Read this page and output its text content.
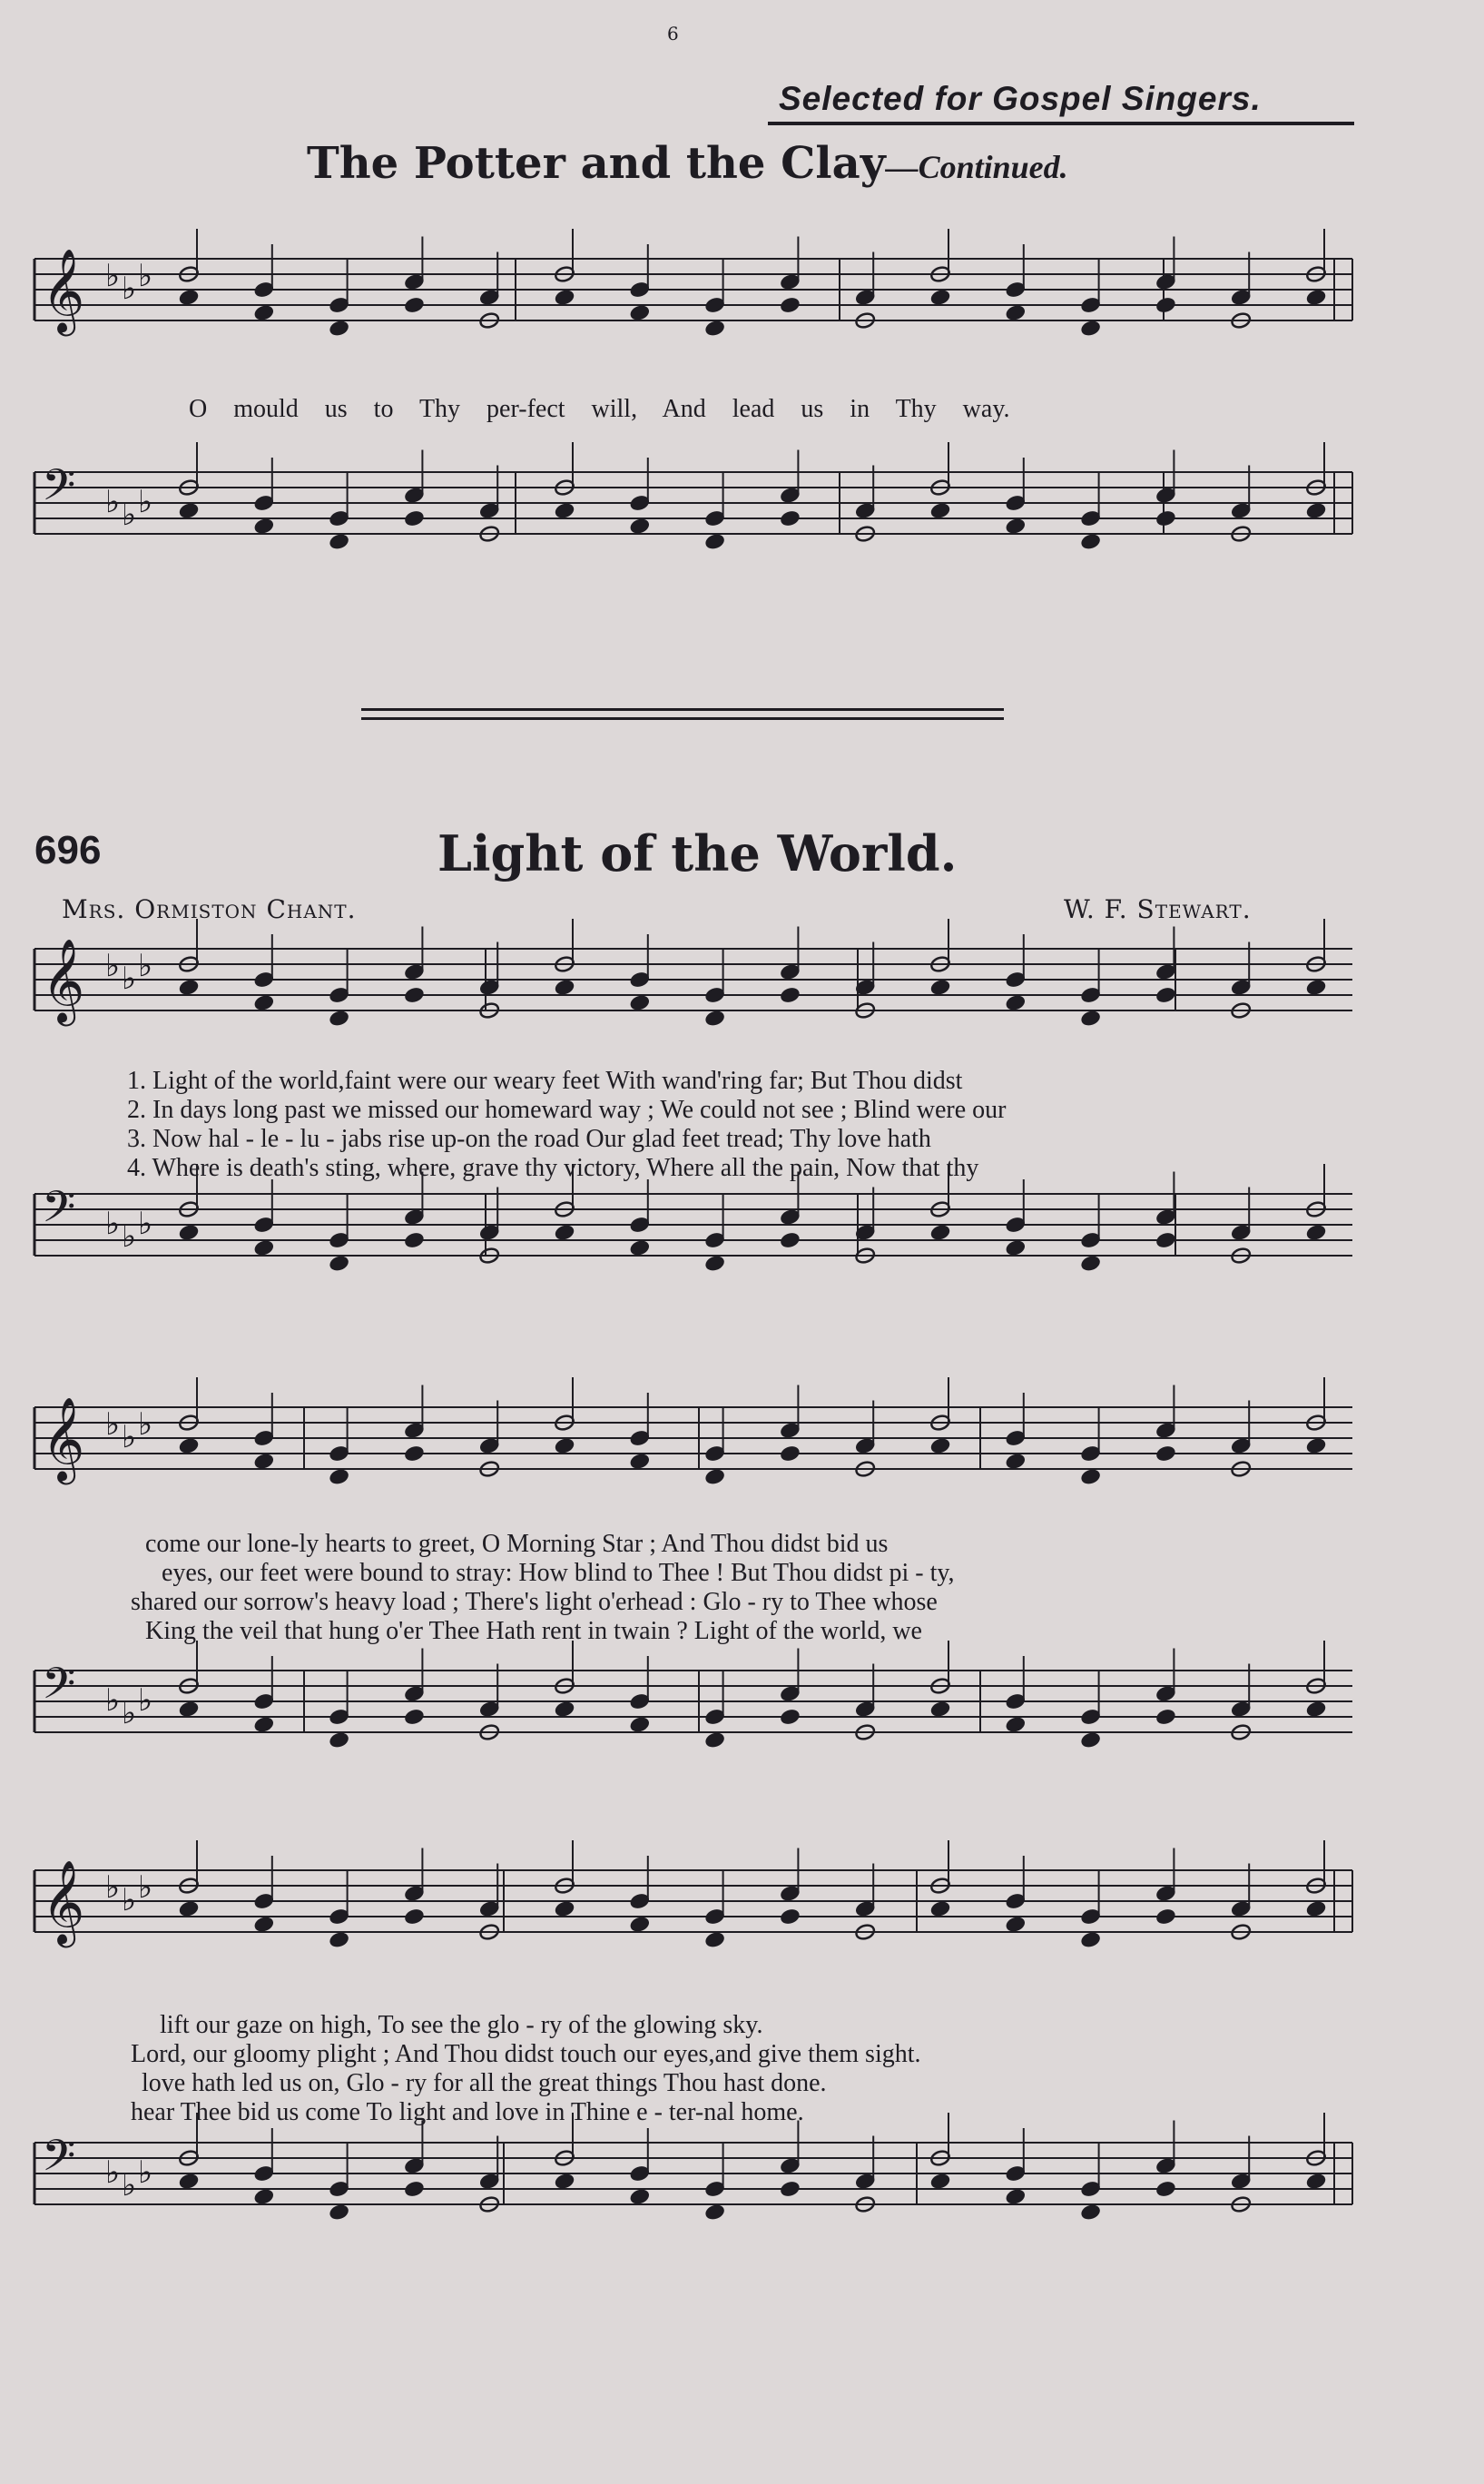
6
Selected for Gospel Singers.
The Potter and the Clay—Continued.
𝄞 ♭ ♭ ♭
𝄢 ♭ ♭ ♭
𝄞 ♭ ♭ ♭
𝄢 ♭ ♭ ♭
𝄞 ♭ ♭ ♭
𝄢 ♭ ♭ ♭
𝄞 ♭ ♭ ♭
𝄢 ♭ ♭ ♭
O mould us to Thy per-fect will, And lead us in Thy way.
696	Light of the World.
Mrs. Ormiston Chant.	W. F. Stewart.
1. Light of the world,faint were our weary feet With wand'ring far; But Thou didst
2. In days long past we missed our homeward way ; We could not see ; Blind were our
3. Now hal - le - lu - jabs rise up-on the road Our glad feet tread; Thy love hath
4. Where is death's sting, where, grave thy victory, Where all the pain, Now that thy
come our lone-ly hearts to greet, O Morning Star ; And Thou didst bid us
eyes, our feet were bound to stray: How blind to Thee ! But Thou didst pi - ty,
shared our sorrow's heavy load ; There's light o'erhead : Glo - ry to Thee whose
King the veil that hung o'er Thee Hath rent in twain ? Light of the world, we
lift our gaze on high, To see the glo - ry of the glowing sky.
Lord, our gloomy plight ; And Thou didst touch our eyes,and give them sight.
love hath led us on, Glo - ry for all the great things Thou hast done.
hear Thee bid us come To light and love in Thine e - ter-nal home.
